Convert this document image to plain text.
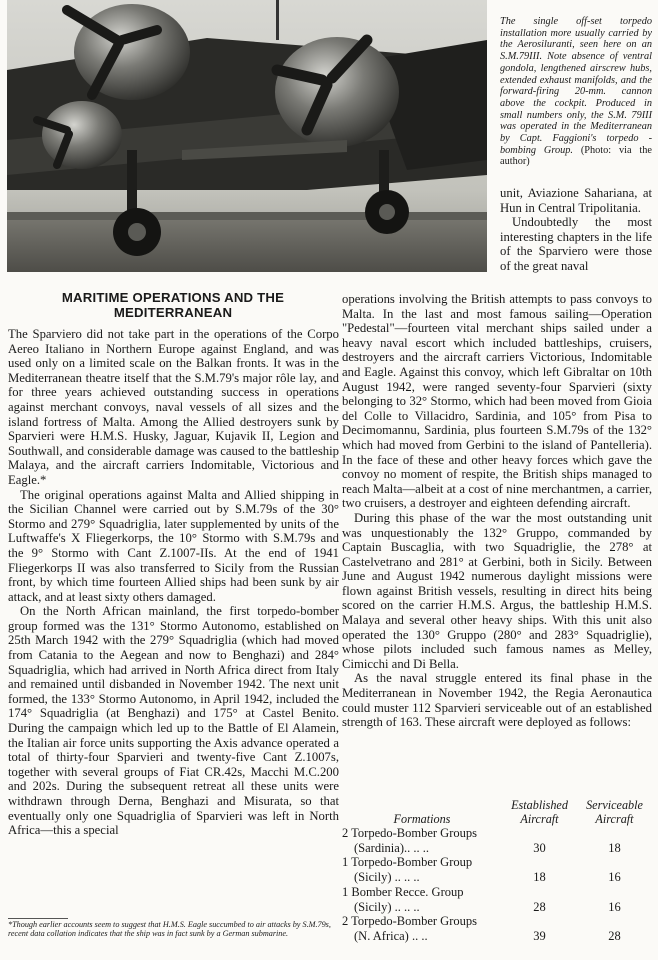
The single off-set torpedo installation more usually carried by the Aerosiluranti, seen here on an S.M.79III. Note absence of ventral gondola, lengthened airscrew hubs, extended exhaust manifolds, and the forward-firing 20-mm. cannon above the cockpit. Produced in small numbers only, the S.M. 79III was operated in the Mediterranean by Capt. Faggioni's torpedo - bombing Group. (Photo: via the author)

unit, Aviazione Sahariana, at Hun in Central Tripolitania.

Undoubtedly the most interesting chapters in the life of the Sparviero were those of the great naval

MARITIME OPERATIONS AND THE MEDITERRANEAN

The Sparviero did not take part in the operations of the Corpo Aereo Italiano in Northern Europe against England, and was used only on a limited scale on the Balkan fronts. It was in the Mediterranean theatre itself that the S.M.79's major rôle lay, and for three years achieved outstanding success in operations against merchant convoys, naval vessels of all sizes and the island fortress of Malta. Among the Allied destroyers sunk by Sparvieri were H.M.S. Husky, Jaguar, Kujavik II, Legion and Southwall, and considerable damage was caused to the battleship Malaya, and the aircraft carriers Indomitable, Victorious and Eagle.*

The original operations against Malta and Allied shipping in the Sicilian Channel were carried out by S.M.79s of the 30° Stormo and 279° Squadriglia, later supplemented by units of the Luftwaffe's X Fliegerkorps, the 10° Stormo with S.M.79s and the 9° Stormo with Cant Z.1007-IIs. At the end of 1941 Fliegerkorps II was also transferred to Sicily from the Russian front, by which time fourteen Allied ships had been sunk by air attack, and at least sixty others damaged.

On the North African mainland, the first torpedo-bomber group formed was the 131° Stormo Autonomo, established on 25th March 1942 with the 279° Squadriglia (which had moved from Catania to the Aegean and now to Benghazi) and 284° Squadriglia, which had arrived in North Africa direct from Italy and remained until disbanded in November 1942. The next unit formed, the 133° Stormo Autonomo, in April 1942, included the 174° Squadriglia (at Benghazi) and 175° at Castel Benito. During the campaign which led up to the Battle of El Alamein, the Italian air force units supporting the Axis advance operated a total of thirty-four Sparvieri and twenty-five Cant Z.1007s, together with several groups of Fiat CR.42s, Macchi M.C.200 and 202s. During the subsequent retreat all these units were withdrawn through Derna, Benghazi and Misurata, so that eventually only one Squadriglia of Sparvieri was left in North Africa—this a special

*Though earlier accounts seem to suggest that H.M.S. Eagle succumbed to air attacks by S.M.79s, recent data collation indicates that the ship was in fact sunk by a German submarine.

operations involving the British attempts to pass convoys to Malta. In the last and most famous sailing—Operation "Pedestal"—fourteen vital merchant ships sailed under a heavy naval escort which included battleships, cruisers, destroyers and the aircraft carriers Victorious, Indomitable and Eagle. Against this convoy, which left Gibraltar on 10th August 1942, were ranged seventy-four Sparvieri (sixty belonging to 32° Stormo, which had been moved from Gioia del Colle to Villacidro, Sardinia, and 105° from Pisa to Decimomannu, Sardinia, plus fourteen S.M.79s of the 132° which had moved from Gerbini to the island of Pantelleria). In the face of these and other heavy forces which gave the convoy no moment of respite, the British ships managed to reach Malta—albeit at a cost of nine merchantmen, a carrier, two cruisers, a destroyer and eighteen defending aircraft.

During this phase of the war the most outstanding unit was unquestionably the 132° Gruppo, commanded by Captain Buscaglia, with two Squadriglie, the 278° at Castelvetrano and 281° at Gerbini, both in Sicily. Between June and August 1942 numerous daylight missions were flown against British vessels, resulting in direct hits being scored on the carrier H.M.S. Argus, the battleship H.M.S. Malaya and several other heavy ships. With this unit also operated the 130° Gruppo (280° and 283° Squadriglie), whose pilots included such famous names as Melley, Cimicchi and Di Bella.

As the naval struggle entered its final phase in the Mediterranean in November 1942, the Regia Aeronautica could muster 112 Sparvieri serviceable out of an established strength of 163. These aircraft were deployed as follows:

Formations	Established Aircraft	Serviceable Aircraft

2 Torpedo-Bomber Groups
(Sardinia).. .. ..	30	18

1 Torpedo-Bomber Group
(Sicily) .. .. ..	18	16

1 Bomber Recce. Group
(Sicily) .. .. ..	28	16

2 Torpedo-Bomber Groups
(N. Africa) .. ..	39	28
